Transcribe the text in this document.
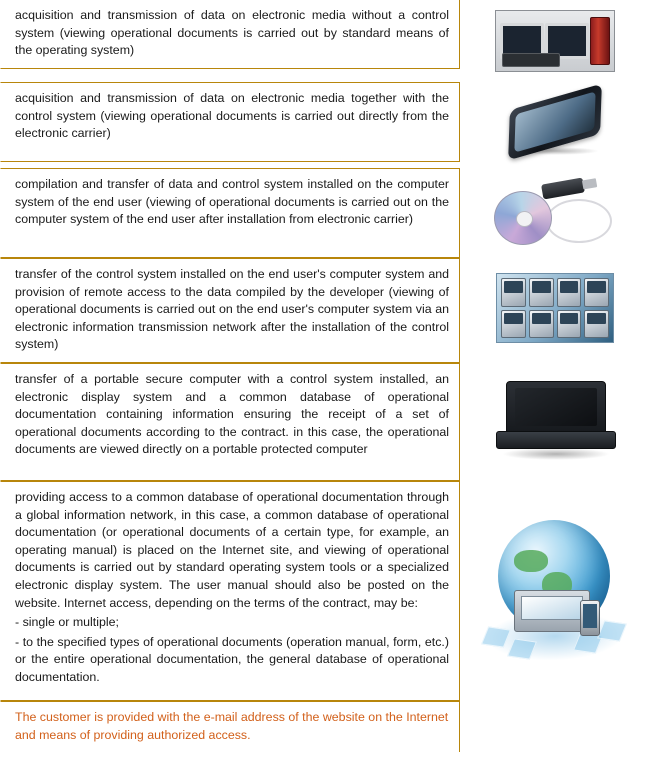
acquisition and transmission of data on electronic media without a control system (viewing operational documents is carried out by standard means of the operating system)	

acquisition and transmission of data on electronic media together with the control system (viewing operational documents is carried out directly from the electronic carrier)	

compilation and transfer of data and control system installed on the computer system of the end user (viewing of operational documents is carried out on the computer system of the end user after installation from electronic carrier)	

transfer of the control system installed on the end user's computer system and provision of remote access to the data compiled by the developer (viewing of operational documents is carried out on the end user's computer system via an electronic information transmission network after the installation of the control system)	

transfer of a portable secure computer with a control system installed, an electronic display system and a common database of operational documentation containing information ensuring the receipt of a set of operational documents according to the contract. in this case, the operational documents are viewed directly on a portable protected computer	

providing access to a common database of operational documentation through a global information network, in this case, a common database of operational documentation (or operational documents of a certain type, for example, an operating manual) is placed on the Internet site, and viewing of operational documents is carried out by standard operating system tools or a specialized electronic display system. The user manual should also be posted on the website. Internet access, depending on the terms of the contract, may be:

- single or multiple;

- to the specified types of operational documents (operation manual, form, etc.) or the entire operational documentation, the general database of operational documentation.	

The customer is provided with the e-mail address of the website on the Internet and means of providing authorized access.	
